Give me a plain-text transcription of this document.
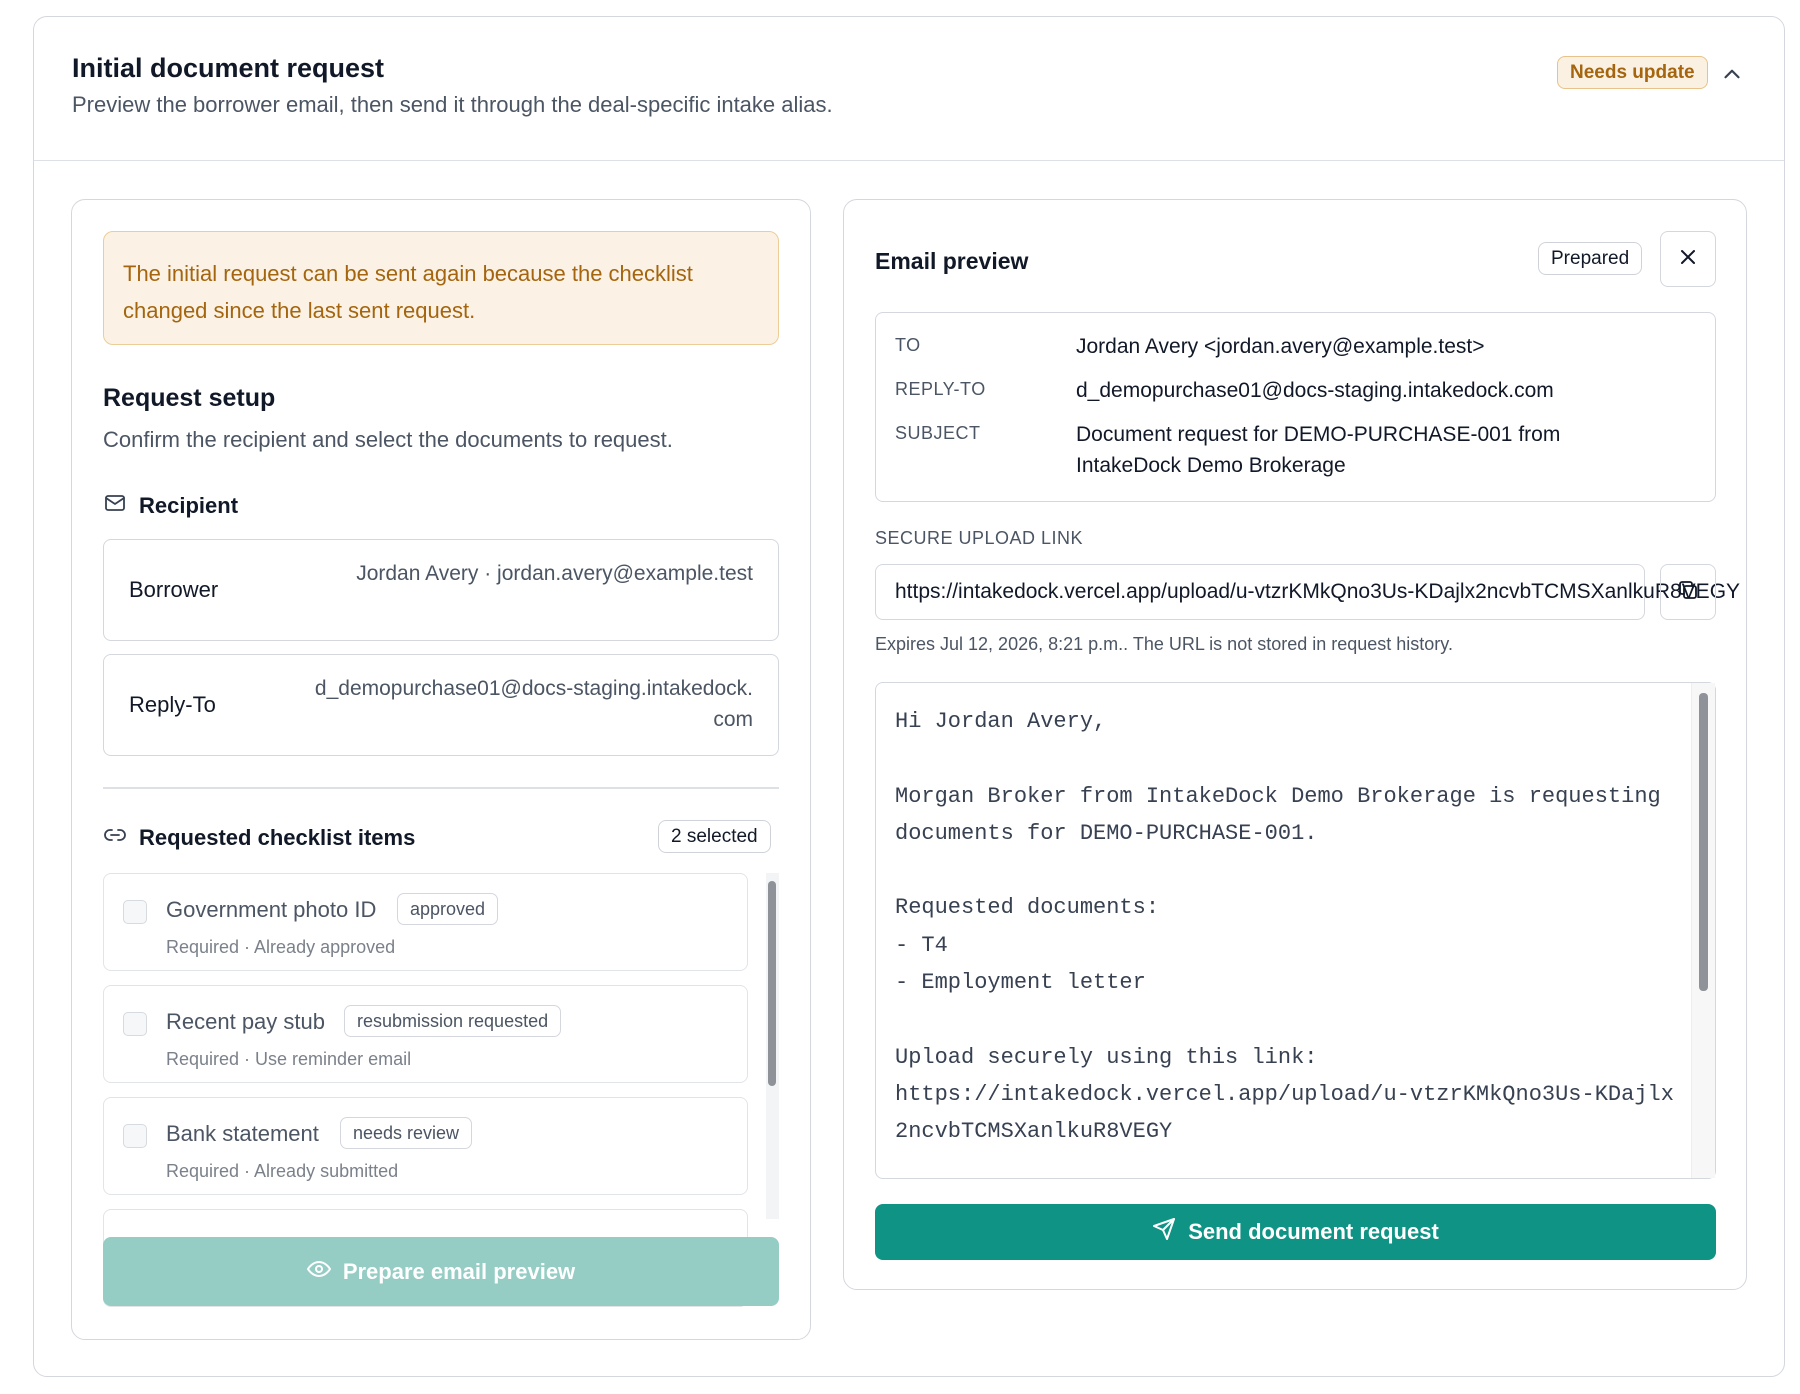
Initial document request
Preview the borrower email, then send it through the deal-specific intake alias.
Needs update
The initial request can be sent again because the checklist changed since the last sent request.
Request setup
Confirm the recipient and select the documents to request.
Recipient
Borrower
Jordan Avery · jordan.avery@example.test
Reply-To
d_demopurchase01@docs-staging.intakedock.com
Requested checklist items	2 selected
Government photo ID	approved
Required · Already approved
Recent pay stub	resubmission requested
Required · Use reminder email
Bank statement	needs review
Required · Already submitted
Prepare email preview
Email preview	Prepared
TO	Jordan Avery <jordan.avery@example.test>
REPLY-TO	d_demopurchase01@docs-staging.intakedock.com
SUBJECT	Document request for DEMO-PURCHASE-001 from IntakeDock Demo Brokerage
SECURE UPLOAD LINK
https://intakedock.vercel.app/upload/u-vtzrKMkQno3Us-KDajlx2ncvbTCMSXanlkuR8VEGY
Expires Jul 12, 2026, 8:21 p.m.. The URL is not stored in request history.
Hi Jordan Avery,

Morgan Broker from IntakeDock Demo Brokerage is requesting documents for DEMO-PURCHASE-001.

Requested documents:
- T4
- Employment letter

Upload securely using this link:
https://intakedock.vercel.app/upload/u-vtzrKMkQno3Us-KDajlx2ncvbTCMSXanlkuR8VEGY
Send document request
